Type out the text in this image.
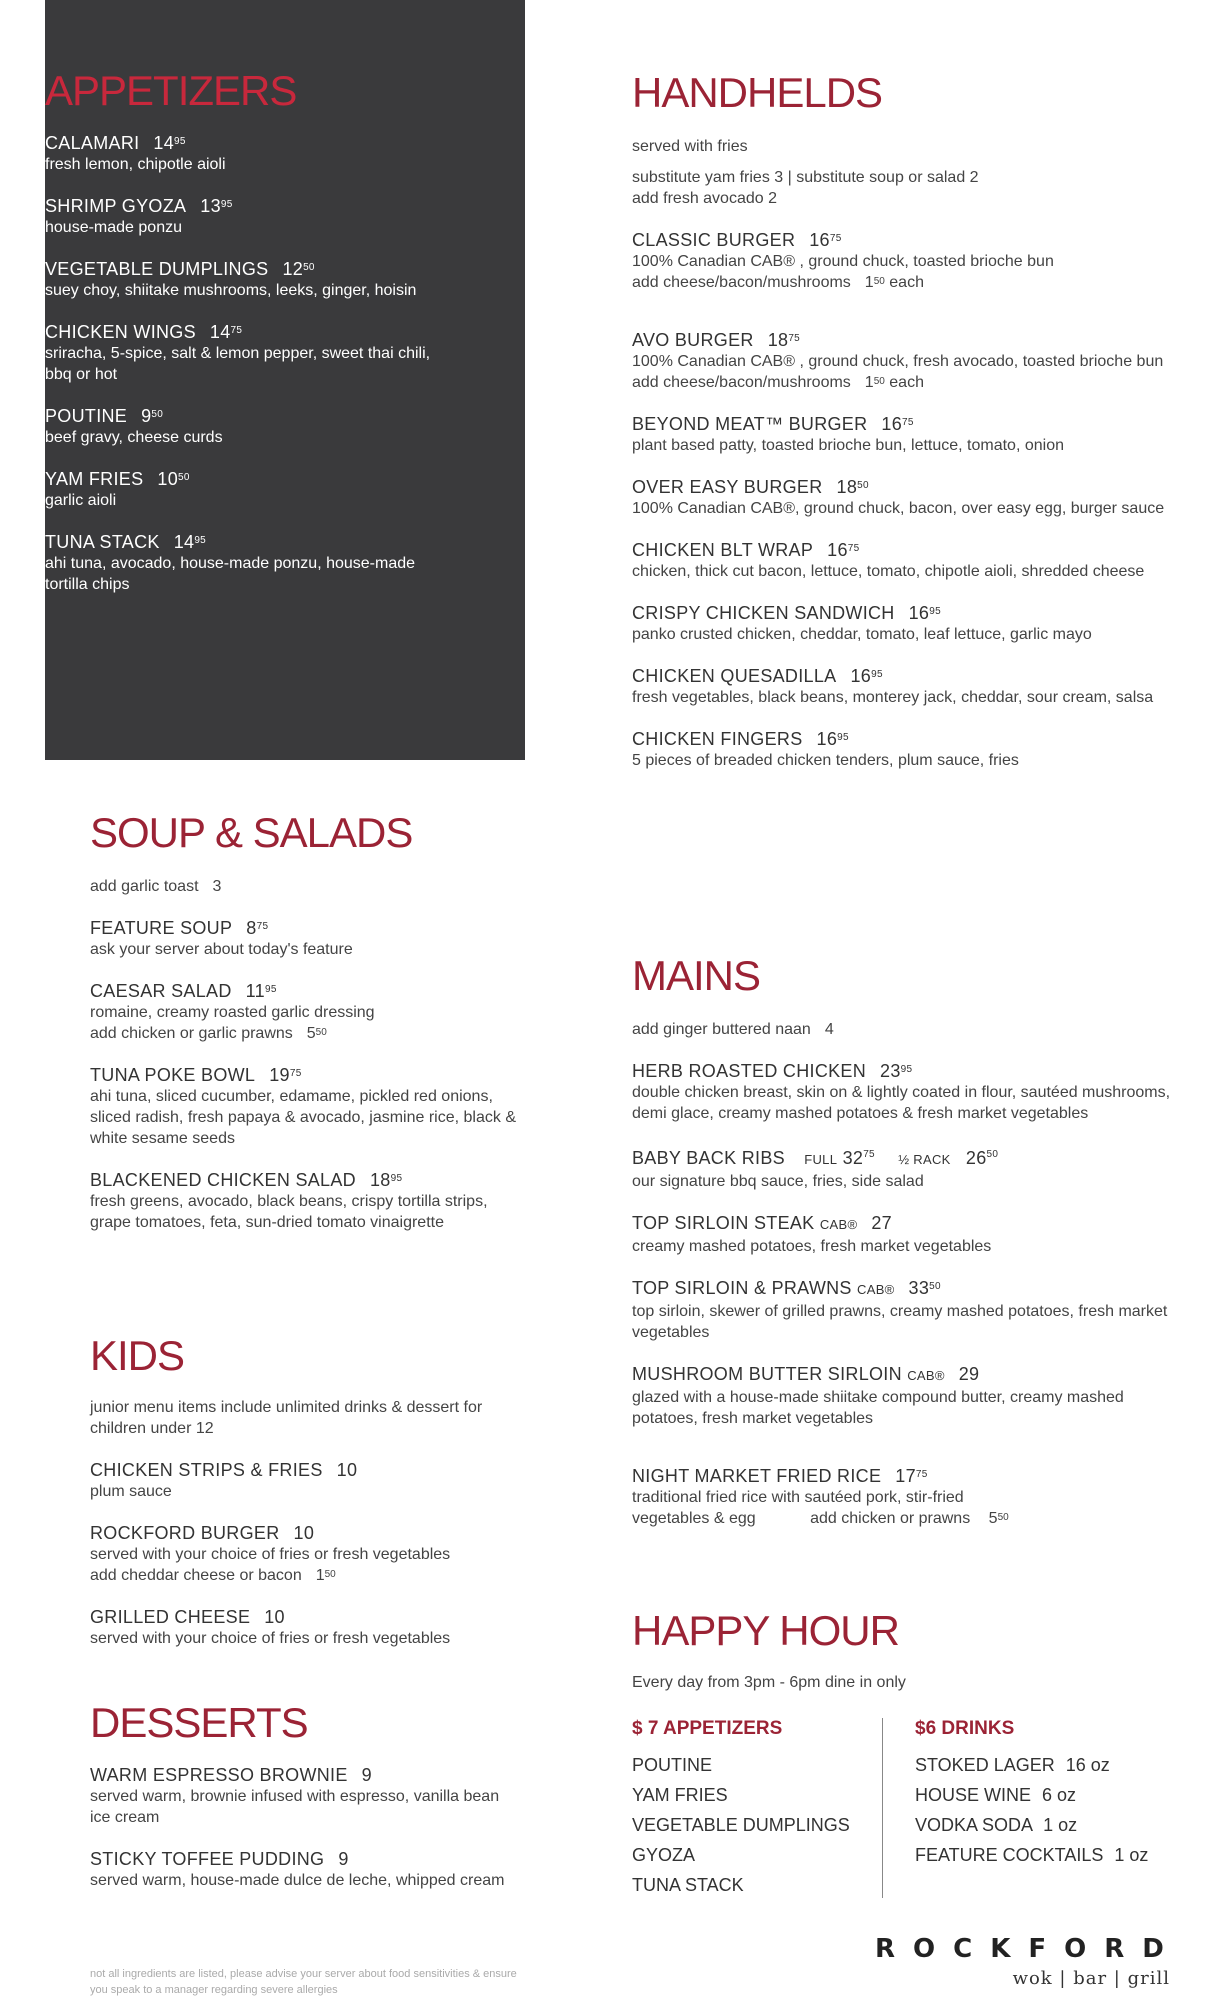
APPETIZERS
CALAMARI $14^{95}$
fresh lemon, chipotle aioli
SHRIMP GYOZA $13^{95}$
house-made ponzu
VEGETABLE DUMPLINGS $12^{50}$
suey choy, shiitake mushrooms, leeks, ginger, hoisin
CHICKEN WINGS $14^{75}$
sriracha, 5-spice, salt & lemon pepper, sweet thai chili, bbq or hot
POUTINE $9^{50}$
beef gravy, cheese curds
YAM FRIES $10^{50}$
garlic aioli
TUNA STACK $14^{95}$
ahi tuna, avocado, house-made ponzu, house-made tortilla chips
SOUP & SALADS
add garlic toast 3
FEATURE SOUP $8^{75}$
ask your server about today's feature
CAESAR SALAD $11^{95}$
romaine, creamy roasted garlic dressing
add chicken or garlic prawns $5^{50}$
TUNA POKE BOWL $19^{75}$
ahi tuna, sliced cucumber, edamame, pickled red onions, sliced radish, fresh papaya & avocado, jasmine rice, black & white sesame seeds
BLACKENED CHICKEN SALAD $18^{95}$
fresh greens, avocado, black beans, crispy tortilla strips, grape tomatoes, feta, sun-dried tomato vinaigrette
KIDS
junior menu items include unlimited drinks & dessert for children under 12
CHICKEN STRIPS & FRIES 10
plum sauce
ROCKFORD BURGER 10
served with your choice of fries or fresh vegetables
add cheddar cheese or bacon $1^{50}$
GRILLED CHEESE 10
served with your choice of fries or fresh vegetables
DESSERTS
WARM ESPRESSO BROWNIE 9
served warm, brownie infused with espresso, vanilla bean ice cream
STICKY TOFFEE PUDDING 9
served warm, house-made dulce de leche, whipped cream
not all ingredients are listed, please advise your server about food sensitivities & ensure you speak to a manager regarding severe allergies
HANDHELDS
served with fries
substitute yam fries 3 | substitute soup or salad 2
add fresh avocado 2
CLASSIC BURGER $16^{75}$
100% Canadian CAB® , ground chuck, toasted brioche bun
add cheese/bacon/mushrooms $1^{50}$ each
AVO BURGER $18^{75}$
100% Canadian CAB® , ground chuck, fresh avocado, toasted brioche bun
add cheese/bacon/mushrooms $1^{50}$ each
BEYOND MEAT™ BURGER $16^{75}$
plant based patty, toasted brioche bun, lettuce, tomato, onion
OVER EASY BURGER $18^{50}$
100% Canadian CAB®, ground chuck, bacon, over easy egg, burger sauce
CHICKEN BLT WRAP $16^{75}$
chicken, thick cut bacon, lettuce, tomato, chipotle aioli, shredded cheese
CRISPY CHICKEN SANDWICH $16^{95}$
panko crusted chicken, cheddar, tomato, leaf lettuce, garlic mayo
CHICKEN QUESADILLA $16^{95}$
fresh vegetables, black beans, monterey jack, cheddar, sour cream, salsa
CHICKEN FINGERS $16^{95}$
5 pieces of breaded chicken tenders, plum sauce, fries
MAINS
add ginger buttered naan 4
HERB ROASTED CHICKEN $23^{95}$
double chicken breast, skin on & lightly coated in flour, sautéed mushrooms, demi glace, creamy mashed potatoes & fresh market vegetables
BABY BACK RIBS FULL $32^{75}$ ½ RACK $26^{50}$
our signature bbq sauce, fries, side salad
TOP SIRLOIN STEAK CAB® 27
creamy mashed potatoes, fresh market vegetables
TOP SIRLOIN & PRAWNS CAB® $33^{50}$
top sirloin, skewer of grilled prawns, creamy mashed potatoes, fresh market vegetables
MUSHROOM BUTTER SIRLOIN CAB® 29
glazed with a house-made shiitake compound butter, creamy mashed potatoes, fresh market vegetables
NIGHT MARKET FRIED RICE $17^{75}$
traditional fried rice with sautéed pork, stir-fried
vegetables & egg	add chicken or prawns $5^{50}$
HAPPY HOUR
Every day from 3pm - 6pm dine in only
$ 7 APPETIZERS
POUTINE
YAM FRIES
VEGETABLE DUMPLINGS
GYOZA
TUNA STACK
$6 DRINKS
STOKED LAGER 16 oz
HOUSE WINE 6 oz
VODKA SODA 1 oz
FEATURE COCKTAILS 1 oz
ROCKFORD
wok | bar | grill
